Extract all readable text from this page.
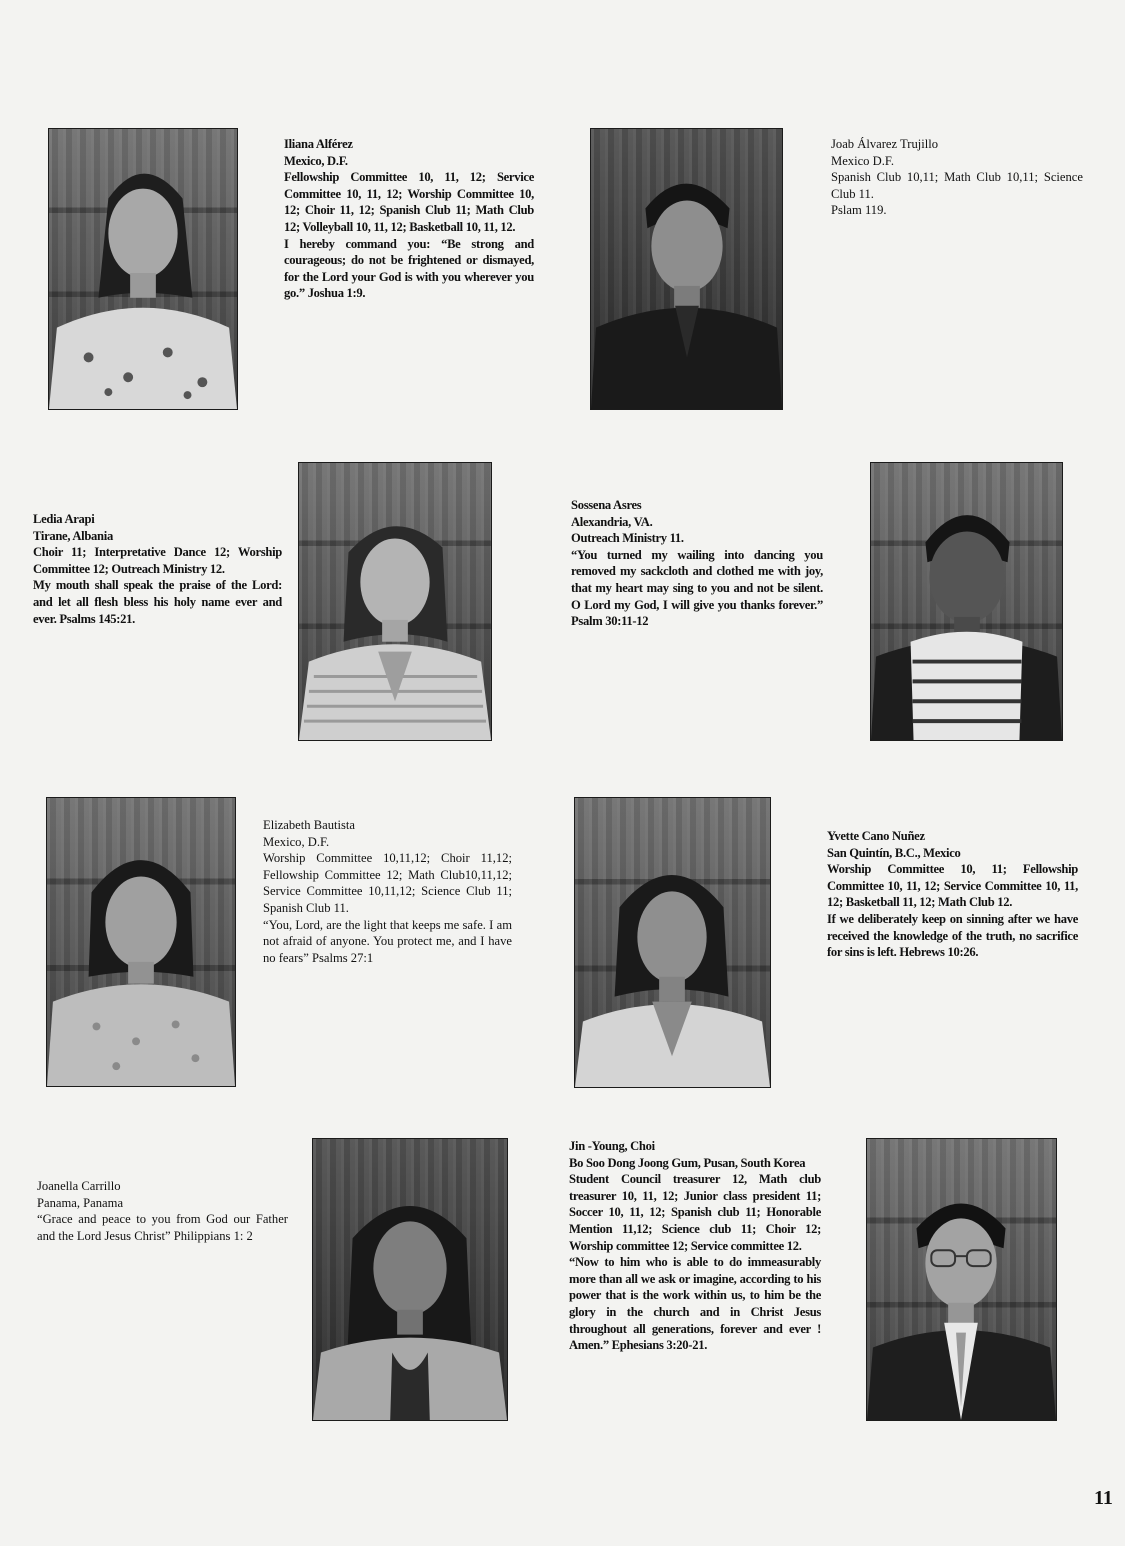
Iliana Alférez
Mexico, D.F.
Fellowship Committee 10, 11, 12; Service Committee 10, 11, 12; Worship Committee 10, 12; Choir 11, 12; Spanish Club 11; Math Club 12; Volleyball 10, 11, 12; Basketball 10, 11, 12.
I hereby command you: “Be strong and courageous; do not be frightened or dismayed, for the Lord your God is with you wherever you go.” Joshua 1:9.
Joab Álvarez Trujillo
Mexico D.F.
Spanish Club 10,11; Math Club 10,11; Science Club 11.
Pslam 119.
Ledia Arapi
Tirane, Albania
Choir 11; Interpretative Dance 12; Worship Committee 12; Outreach Ministry 12.
My mouth shall speak the praise of the Lord: and let all flesh bless his holy name ever and ever. Psalms 145:21.
Sossena Asres
Alexandria, VA.
Outreach Ministry 11.
“You turned my wailing into dancing you removed my sackcloth and clothed me with joy, that my heart may sing to you and not be silent. O Lord my God, I will give you thanks forever.” Psalm 30:11-12
Elizabeth Bautista
Mexico, D.F.
Worship Committee 10,11,12; Choir 11,12; Fellowship Committee 12; Math Club10,11,12; Service Committee 10,11,12; Science Club 11; Spanish Club 11.
“You, Lord, are the light that keeps me safe. I am not afraid of anyone. You protect me, and I have no fears” Psalms 27:1
Yvette Cano Nuñez
San Quintín, B.C., Mexico
Worship Committee 10, 11; Fellowship Committee 10, 11, 12; Service Committee 10, 11, 12; Basketball 11, 12; Math Club 12.
If we deliberately keep on sinning after we have received the knowledge of the truth, no sacrifice for sins is left. Hebrews 10:26.
Joanella Carrillo
Panama, Panama
“Grace and peace to you from God our Father and the Lord Jesus Christ” Philippians 1: 2
Jin -Young, Choi
Bo Soo Dong Joong Gum, Pusan, South Korea
Student Council treasurer 12, Math club treasurer 10, 11, 12; Junior class president 11; Soccer 10, 11, 12; Spanish club 11; Honorable Mention 11,12; Science club 11; Choir 12; Worship committee 12; Service committee 12.
“Now to him who is able to do immeasurably more than all we ask or imagine, according to his power that is the work within us, to him be the glory in the church and in Christ Jesus throughout all generations, forever and ever ! Amen.” Ephesians 3:20-21.
11
